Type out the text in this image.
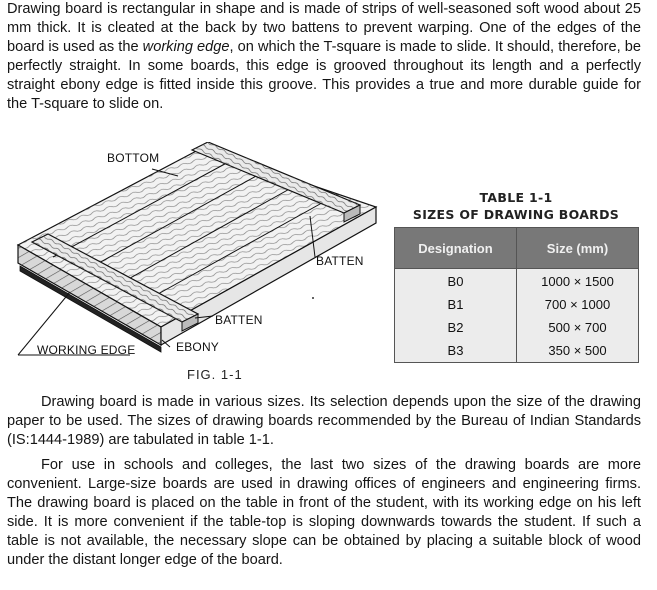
Drawing board is rectangular in shape and is made of strips of well-seasoned soft wood about 25 mm thick. It is cleated at the back by two battens to prevent warping. One of the edges of the board is used as the working edge, on which the T-square is made to slide. It should, therefore, be perfectly straight. In some boards, this edge is grooved throughout its length and a perfectly straight ebony edge is fitted inside this groove. This provides a true and more durable guide for the T-square to slide on.
BOTTOM
BATTEN
BATTEN
WORKING EDGE	EBONY
FIG. 1-1
TABLE 1-1
SIZES OF DRAWING BOARDS
Designation	Size (mm)
B0	1000 × 1500
B1	700 × 1000
B2	500 × 700
B3	350 × 500
Drawing board is made in various sizes. Its selection depends upon the size of the drawing paper to be used. The sizes of drawing boards recommended by the Bureau of Indian Standards (IS:1444-1989) are tabulated in table 1-1.
For use in schools and colleges, the last two sizes of the drawing boards are more convenient. Large-size boards are used in drawing offices of engineers and engineering firms. The drawing board is placed on the table in front of the student, with its working edge on his left side. It is more convenient if the table-top is sloping downwards towards the student. If such a table is not available, the necessary slope can be obtained by placing a suitable block of wood under the distant longer edge of the board.
